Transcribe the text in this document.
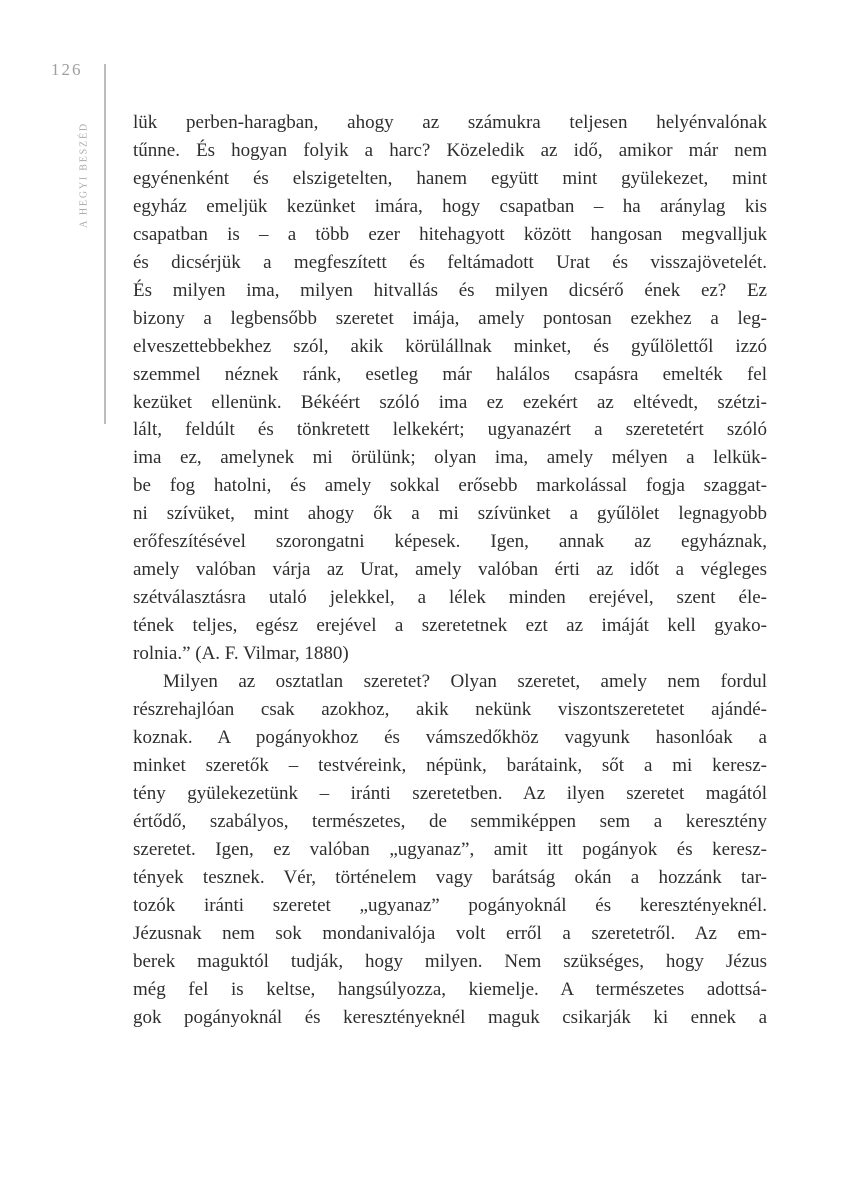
126
A HEGYI BESZÉD lük perben-haragban, ahogy az számukra teljesen helyénvalónak
tűnne. És hogyan folyik a harc? Közeledik az idő, amikor már nem
egyénenként és elszigetelten, hanem együtt mint gyülekezet, mint
egyház emeljük kezünket imára, hogy csapatban – ha aránylag kis
csapatban is – a több ezer hitehagyott között hangosan megvalljuk
és dicsérjük a megfeszített és feltámadott Urat és visszajövetelét.
És milyen ima, milyen hitvallás és milyen dicsérő ének ez? Ez
bizony a legbensőbb szeretet imája, amely pontosan ezekhez a leg-
elveszettebbekhez szól, akik körülállnak minket, és gyűlölettől izzó
szemmel néznek ránk, esetleg már halálos csapásra emelték fel
kezüket ellenünk. Békéért szóló ima ez ezekért az eltévedt, szétzi-
lált, feldúlt és tönkretett lelkekért; ugyanazért a szeretetért szóló
ima ez, amelynek mi örülünk; olyan ima, amely mélyen a lelkük-
be fog hatolni, és amely sokkal erősebb markolással fogja szaggat-
ni szívüket, mint ahogy ők a mi szívünket a gyűlölet legnagyobb
erőfeszítésével szorongatni képesek. Igen, annak az egyháznak,
amely valóban várja az Urat, amely valóban érti az időt a végleges
szétválasztásra utaló jelekkel, a lélek minden erejével, szent éle-
tének teljes, egész erejével a szeretetnek ezt az imáját kell gyako-
rolnia.” (A. F. Vilmar, 1880)
Milyen az osztatlan szeretet? Olyan szeretet, amely nem fordul
részrehajlóan csak azokhoz, akik nekünk viszontszeretetet ajándé-
koznak. A pogányokhoz és vámszedőkhöz vagyunk hasonlóak a
minket szeretők – testvéreink, népünk, barátaink, sőt a mi keresz-
tény gyülekezetünk – iránti szeretetben. Az ilyen szeretet magától
értődő, szabályos, természetes, de semmiképpen sem a keresztény
szeretet. Igen, ez valóban „ugyanaz”, amit itt pogányok és keresz-
tények tesznek. Vér, történelem vagy barátság okán a hozzánk tar-
tozók iránti szeretet „ugyanaz” pogányoknál és keresztényeknél.
Jézusnak nem sok mondanivalója volt erről a szeretetről. Az em-
berek maguktól tudják, hogy milyen. Nem szükséges, hogy Jézus
még fel is keltse, hangsúlyozza, kiemelje. A természetes adottsá-
gok pogányoknál és keresztényeknél maguk csikarják ki ennek a
